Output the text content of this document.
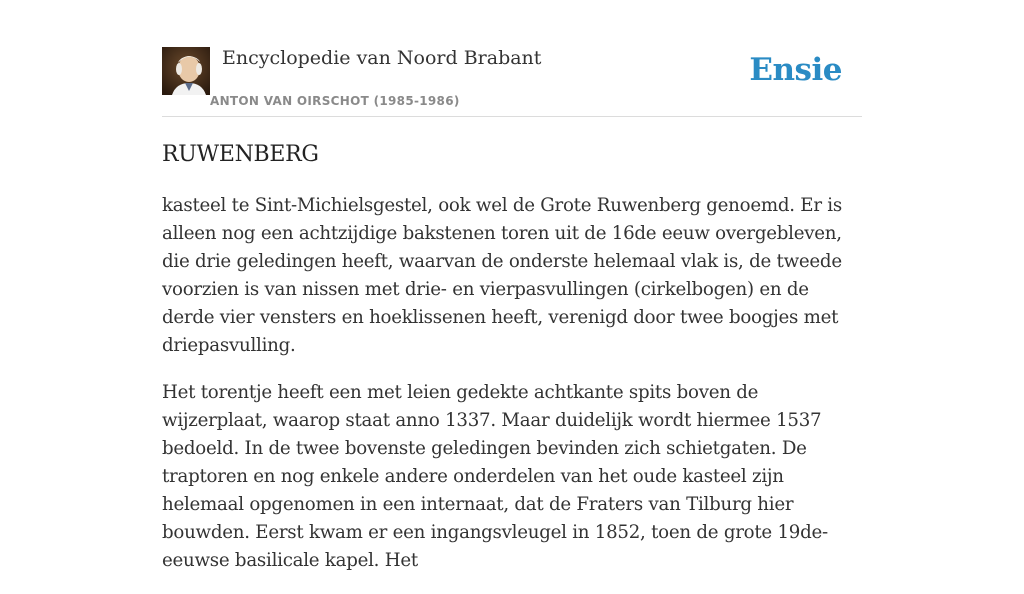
Encyclopedie van Noord Brabant
ANTON VAN OIRSCHOT (1985-1986)
Ensie
RUWENBERG

kasteel te Sint-Michielsgestel, ook wel de Grote Ruwenberg genoemd. Er is alleen nog een achtzijdige bakstenen toren uit de 16de eeuw overgebleven, die drie geledingen heeft, waarvan de onderste helemaal vlak is, de tweede voorzien is van nissen met drie- en vierpasvullingen (cirkelbogen) en de derde vier vensters en hoeklissenen heeft, verenigd door twee boogjes met driepasvulling.

Het torentje heeft een met leien gedekte achtkante spits boven de wijzerplaat, waarop staat anno 1337. Maar duidelijk wordt hiermee 1537 bedoeld. In de twee bovenste geledingen bevinden zich schietgaten. De traptoren en nog enkele andere onderdelen van het oude kasteel zijn helemaal opgenomen in een internaat, dat de Fraters van Tilburg hier bouwden. Eerst kwam er een ingangsvleugel in 1852, toen de grote 19de-eeuwse basilicale kapel. Het
